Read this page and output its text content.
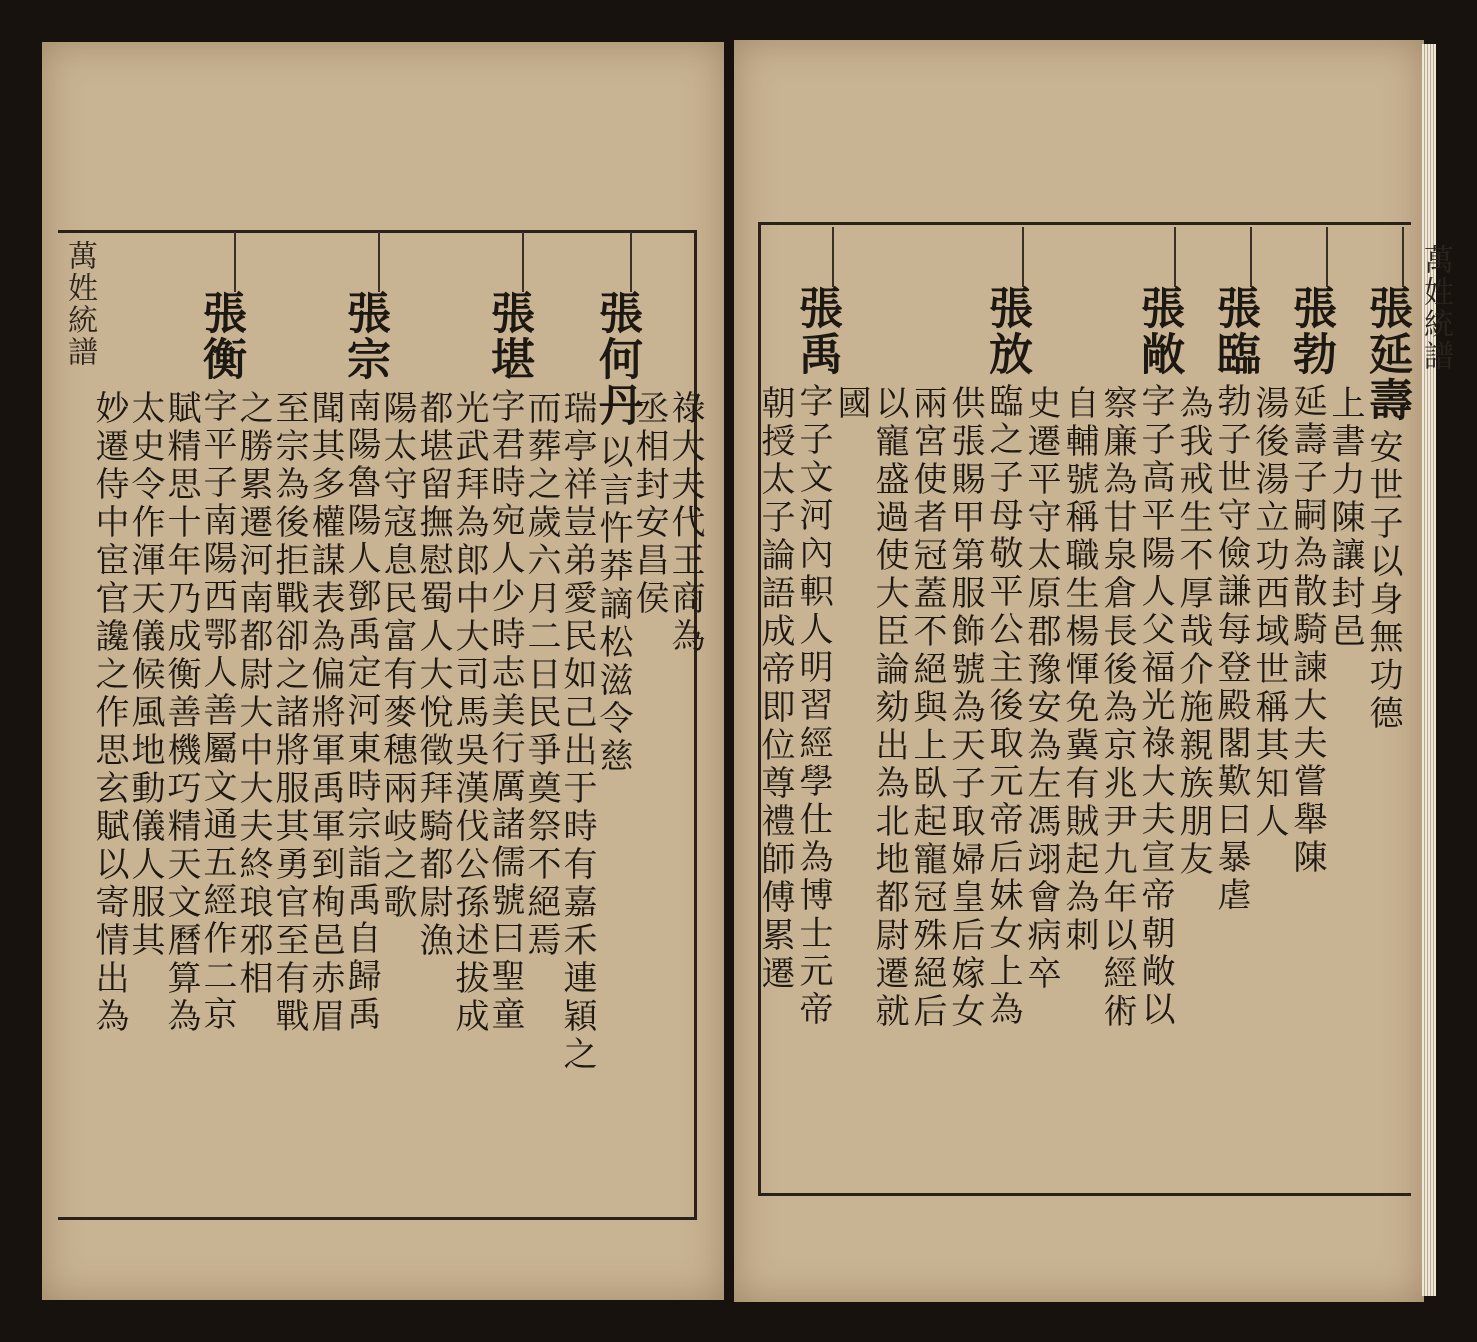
萬姓統譜	萬姓統譜
祿大夫代王商為
丞相封安昌侯
張何丹
以言忤莽謫松滋令慈
瑞亭祥豈弟愛民如己出于時有嘉禾連穎之
而葬之歲六月二日民爭奠祭不絕焉
張堪
字君時宛人少時志美行厲諸儒號曰聖童
光武拜為郎中大司馬吳漢伐公孫述拔成
都堪留撫慰蜀人大悅徵拜騎都尉漁
陽太守寇息民富有麥穗兩岐之歌
張宗
南陽魯陽人鄧禹定河東時宗詣禹自歸禹
聞其多權謀表為偏將軍禹軍到栒邑赤眉
至宗為後拒戰卻之諸將服其勇官至有戰
之勝累遷河南都尉大中大夫終琅邪相
張衡
字平子南陽西鄂人善屬文通五經作二京
賦精思十年乃成衡善機巧精天文曆算為
太史令作渾天儀候風地動儀人服其
妙遷侍中宦官讒之作思玄賦以寄情出為
張延壽
安世子以身無功德
上書力陳讓封邑
張勃
延壽子嗣為散騎諫大夫嘗舉陳
湯後湯立功西域世稱其知人
張臨
勃子世守儉謙每登殿閣歎曰暴虐
為我戒生不厚哉介施親族朋友
張敞
字子高平陽人父福光祿大夫宣帝朝敞以
察廉為甘泉倉長後為京兆尹九年以經術
自輔號稱職生楊惲免冀有賊起為刺
史遷平守太原郡豫安為左馮翊會病卒
張放
臨之子母敬平公主後取元帝后妹女上為
供張賜甲第服飾號為天子取婦皇后嫁女
兩宮使者冠蓋不絕與上臥起寵冠殊絕后
以寵盛過使大臣論劾出為北地都尉遷就
國
張禹
字子文河內軹人明習經學仕為博士元帝
朝授太子論語成帝即位尊禮師傅累遷
